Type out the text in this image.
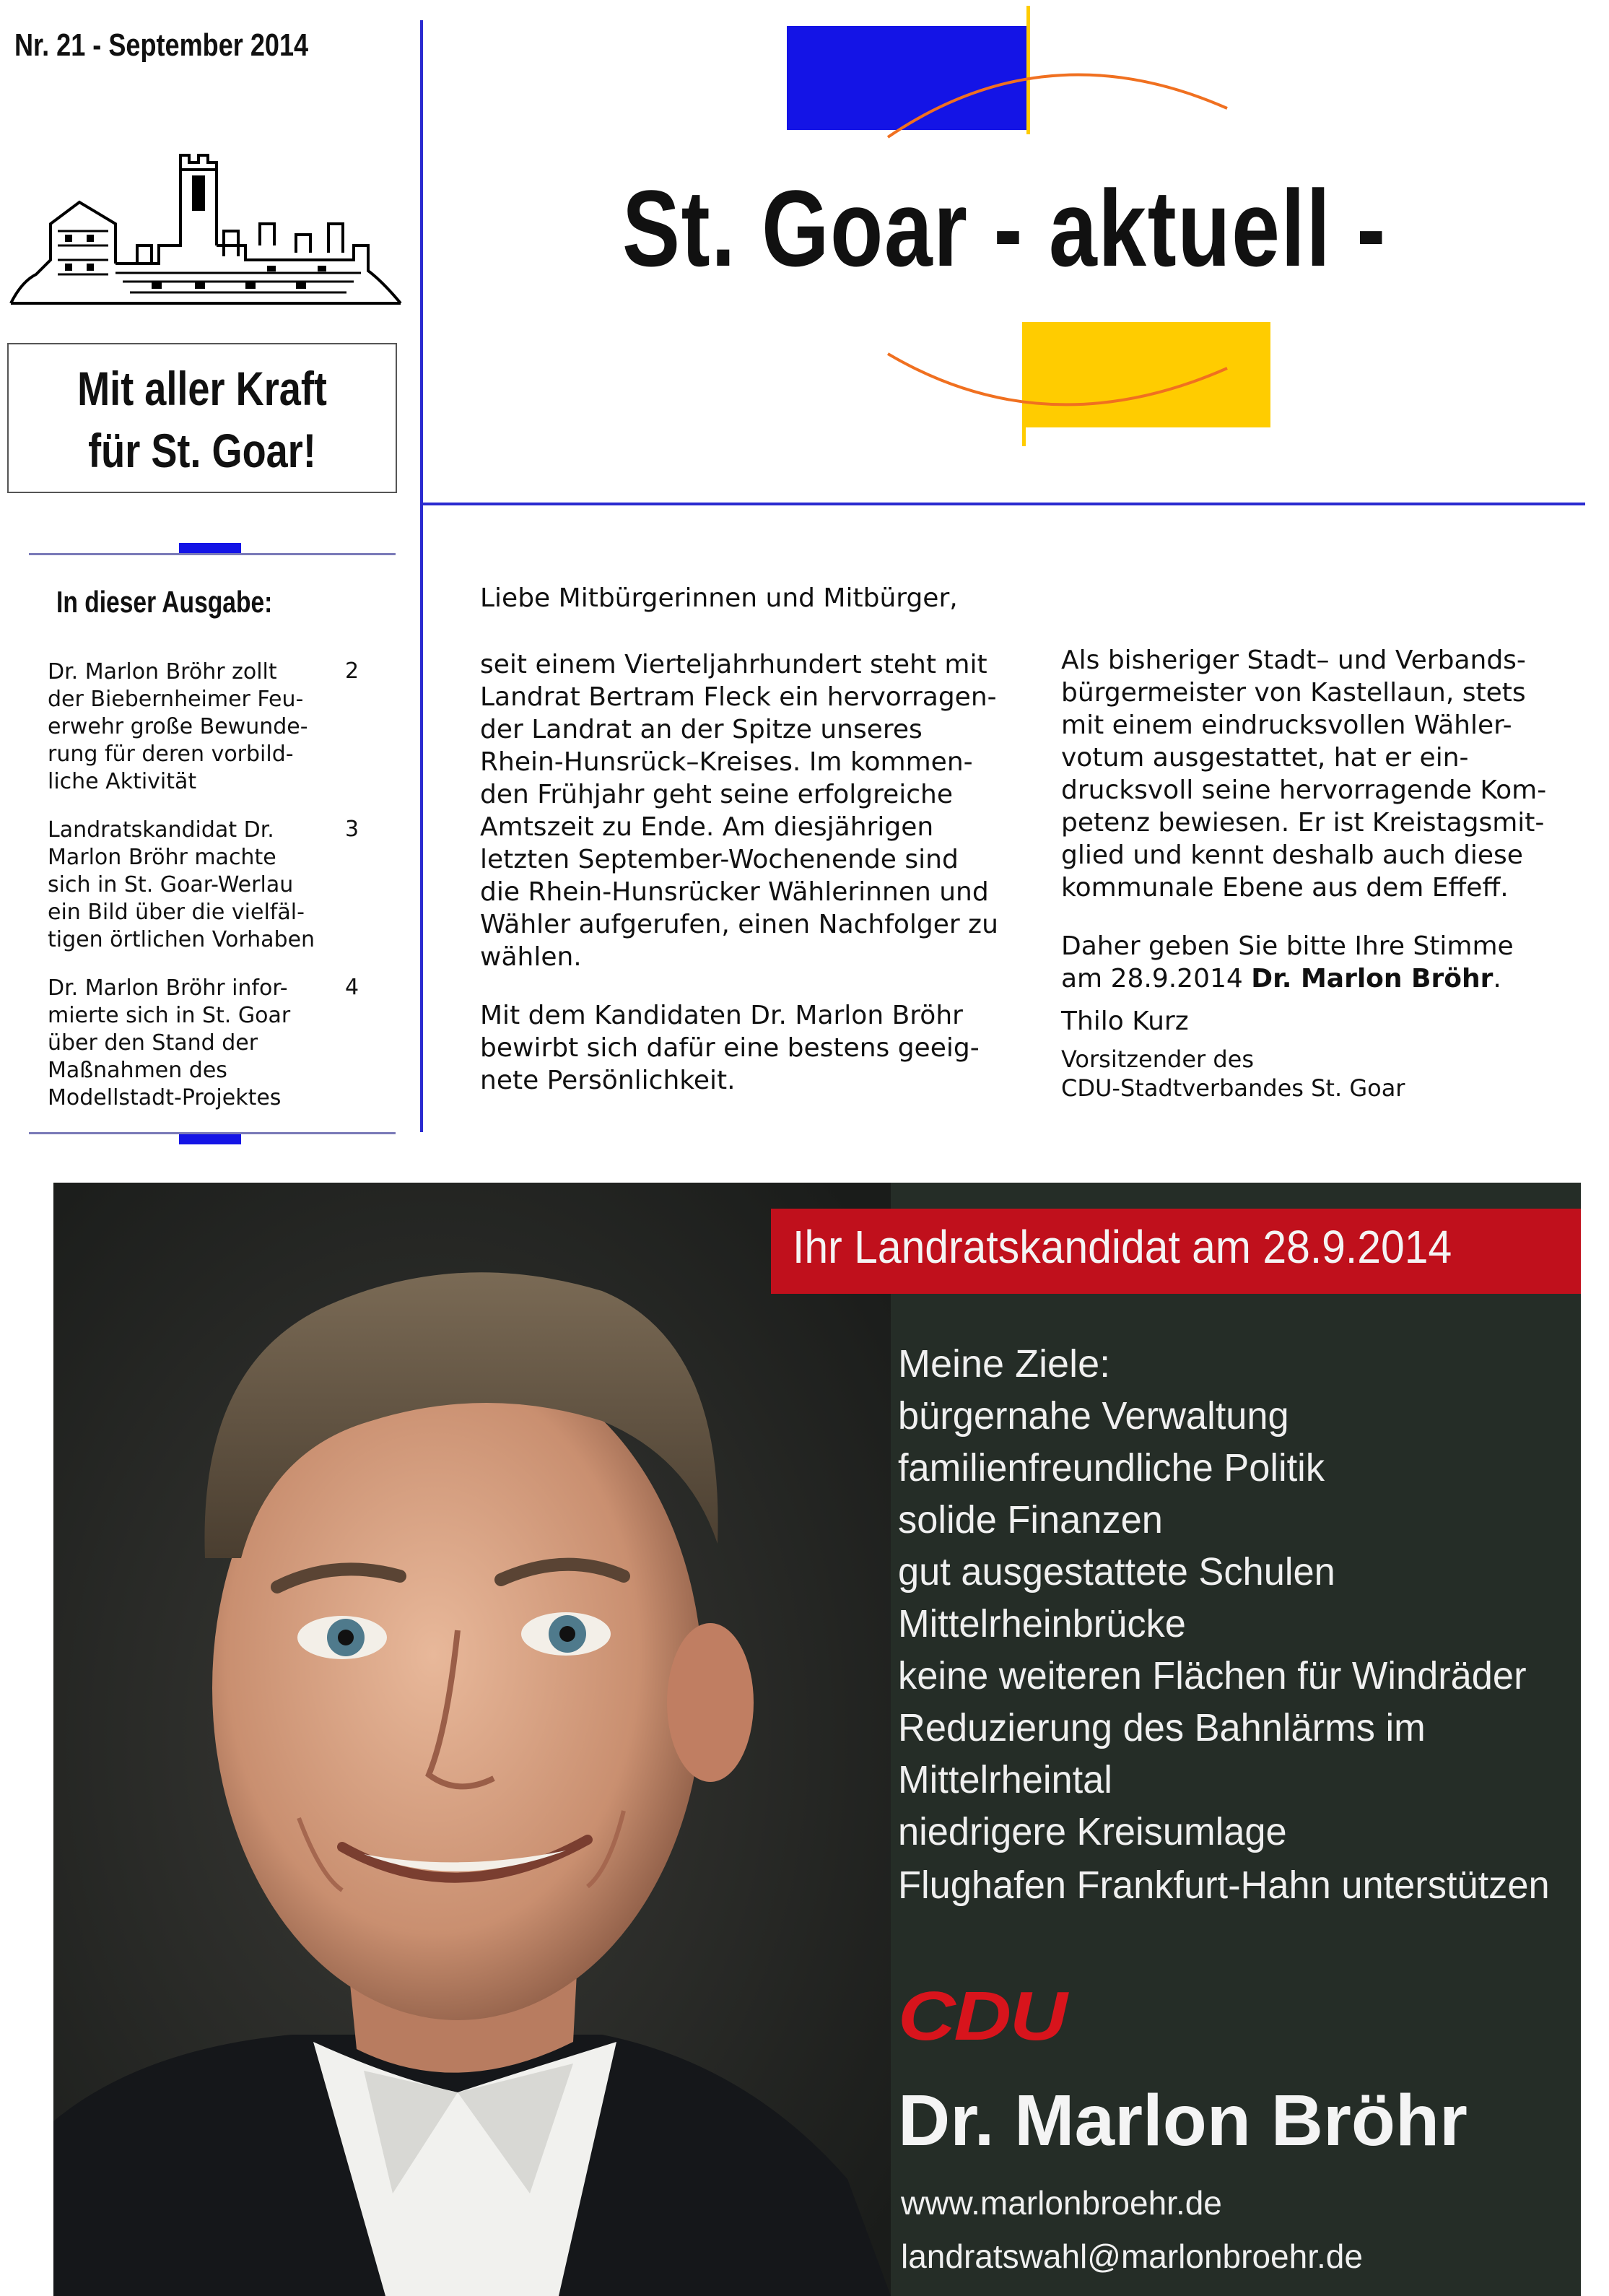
Nr. 21 - September 2014
St. Goar - aktuell -
Mit aller Kraft
für St. Goar!
In dieser Ausgabe:
Dr. Marlon Bröhr zollt
der Biebernheimer Feu-
erwehr große Bewunde-
rung für deren vorbild-
liche Aktivität
2
Landratskandidat Dr.
Marlon Bröhr machte
sich in St. Goar-Werlau
ein Bild über die vielfäl-
tigen örtlichen Vorhaben
3
Dr. Marlon Bröhr infor-
mierte sich in St. Goar
über den Stand der
Maßnahmen des
Modellstadt-Projektes
4
Liebe Mitbürgerinnen und Mitbürger,

seit einem Vierteljahrhundert steht mit
Landrat Bertram Fleck ein hervorragen-
der Landrat an der Spitze unseres
Rhein-Hunsrück–Kreises. Im kommen-
den Frühjahr geht seine erfolgreiche
Amtszeit zu Ende. Am diesjährigen
letzten September-Wochenende sind
die Rhein-Hunsrücker Wählerinnen und
Wähler aufgerufen, einen Nachfolger zu
wählen.

Mit dem Kandidaten Dr. Marlon Bröhr
bewirbt sich dafür eine bestens geeig-
nete Persönlichkeit.

Als bisheriger Stadt– und Verbands-
bürgermeister von Kastellaun, stets
mit einem eindrucksvollen Wähler-
votum ausgestattet, hat er ein-
drucksvoll seine hervorragende Kom-
petenz bewiesen. Er ist Kreistagsmit-
glied und kennt deshalb auch diese
kommunale Ebene aus dem Effeff.

Daher geben Sie bitte Ihre Stimme
am 28.9.2014 Dr. Marlon Bröhr.

Thilo Kurz

Vorsitzender des
CDU-Stadtverbandes St. Goar
Ihr Landratskandidat am 28.9.2014
Meine Ziele:
bürgernahe Verwaltung
familienfreundliche Politik
solide Finanzen
gut ausgestattete Schulen
Mittelrheinbrücke
keine weiteren Flächen für Windräder
Reduzierung des Bahnlärms im
Mittelrheintal
niedrigere Kreisumlage
Flughafen Frankfurt-Hahn unterstützen
CDU
Dr. Marlon Bröhr
www.marlonbroehr.de
landratswahl@marlonbroehr.de
